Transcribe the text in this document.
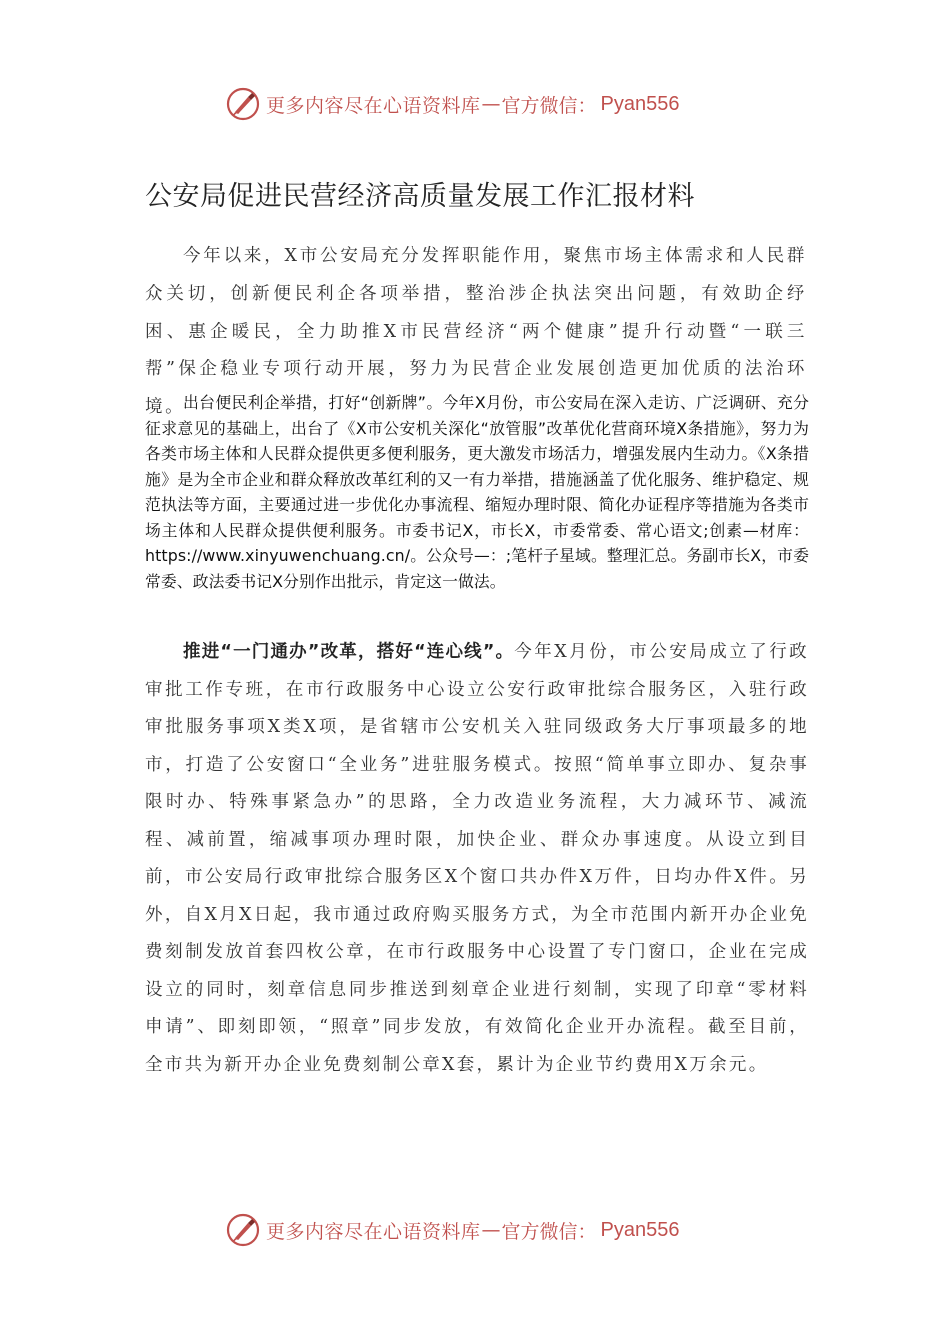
更多内容尽在心语资料库 — 官方微信： Pyan556
公安局促进民营经济高质量发展工作汇报材料

今年以来，X市公安局充分发挥职能作用，聚焦市场主体需求和人民群众关切，创新便民利企各项举措，整治涉企执法突出问题，有效助企纾困、惠企暖民，全力助推X市民营经济“两个健康”提升行动暨“一联三帮”保企稳业专项行动开展，努力为民营企业发展创造更加优质的法治环境。

出台便民利企举措，打好“创新牌”。今年X月份，市公安局在深入走访、广泛调研、充分征求意见的基础上，出台了《X市公安机关深化“放管服”改革优化营商环境X条措施》，努力为各类市场主体和人民群众提供更多便利服务，更大激发市场活力，增强发展内生动力。《X条措施》是为全市企业和群众释放改革红利的又一有力举措，措施涵盖了优化服务、维护稳定、规范执法等方面，主要通过进一步优化办事流程、缩短办理时限、简化办证程序等措施为各类市场主体和人民群众提供便利服务。市委书记X，市长X，市委常委、常心语文;创素—材库：https://www.xinyuwenchuang.cn/。公众号—：;笔杆子星域。整理汇总。务副市长X，市委常委、政法委书记X分别作出批示，肯定这一做法。

推进“一门通办”改革，搭好“连心线”。今年X月份，市公安局成立了行政审批工作专班，在市行政服务中心设立公安行政审批综合服务区，入驻行政审批服务事项X类X项，是省辖市公安机关入驻同级政务大厅事项最多的地市，打造了公安窗口“全业务”进驻服务模式。按照“简单事立即办、复杂事限时办、特殊事紧急办”的思路，全力改造业务流程，大力减环节、减流程、减前置，缩减事项办理时限，加快企业、群众办事速度。从设立到目前，市公安局行政审批综合服务区X个窗口共办件X万件，日均办件X件。另外，自X月X日起，我市通过政府购买服务方式，为全市范围内新开办企业免费刻制发放首套四枚公章，在市行政服务中心设置了专门窗口，企业在完成设立的同时，刻章信息同步推送到刻章企业进行刻制，实现了印章“零材料申请”、即刻即领，“照章”同步发放，有效简化企业开办流程。截至目前，全市共为新开办企业免费刻制公章X套，累计为企业节约费用X万余元。

更多内容尽在心语资料库 — 官方微信： Pyan556
